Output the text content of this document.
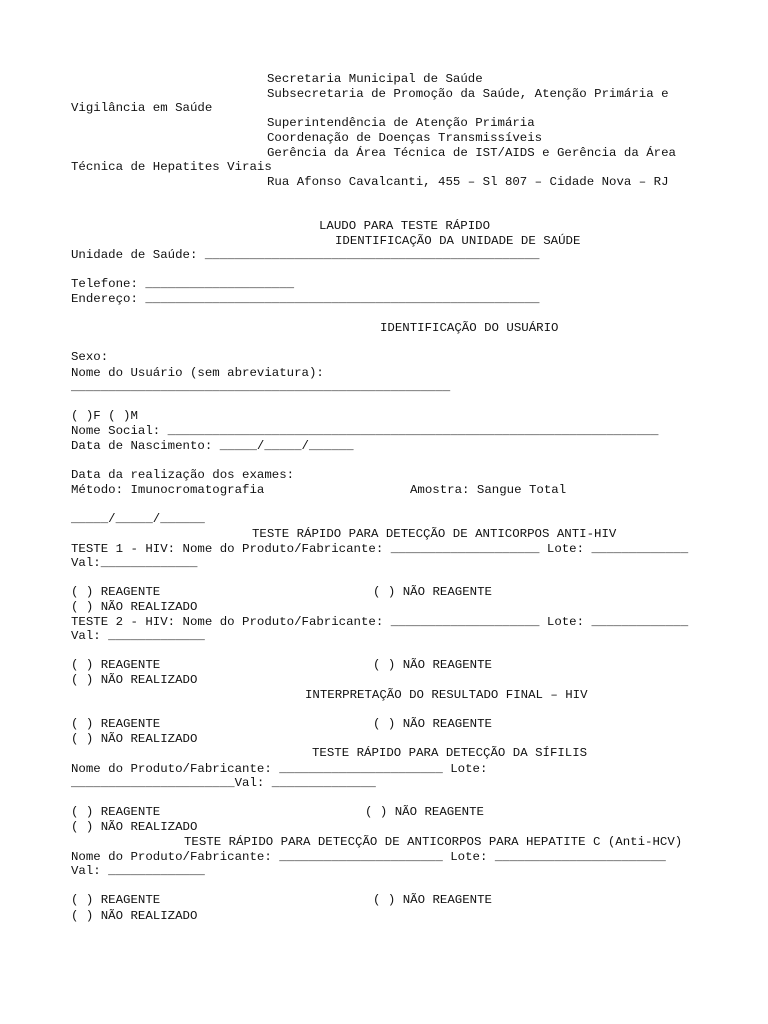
Secretaria Municipal de Saúde
Subsecretaria de Promoção da Saúde, Atenção Primária e
Vigilância em Saúde
Superintendência de Atenção Primária
Coordenação de Doenças Transmissíveis
Gerência da Área Técnica de IST/AIDS e Gerência da Área
Técnica de Hepatites Virais
Rua Afonso Cavalcanti, 455 – Sl 807 – Cidade Nova – RJ
LAUDO PARA TESTE RÁPIDO
IDENTIFICAÇÃO DA UNIDADE DE SAÚDE
Unidade de Saúde: _____________________________________________
Telefone: ____________________
Endereço: _____________________________________________________
IDENTIFICAÇÃO DO USUÁRIO
Sexo:
Nome do Usuário (sem abreviatura):
___________________________________________________
( )F ( )M
Nome Social: __________________________________________________________________
Data de Nascimento: _____/_____/______
Data da realização dos exames:
Método: Imunocromatografia	Amostra: Sangue Total
_____/_____/______
TESTE RÁPIDO PARA DETECÇÃO DE ANTICORPOS ANTI-HIV
TESTE 1 - HIV: Nome do Produto/Fabricante: ____________________ Lote: _____________
Val:_____________
( ) REAGENTE	( ) NÃO REAGENTE
( ) NÃO REALIZADO
TESTE 2 - HIV: Nome do Produto/Fabricante: ____________________ Lote: _____________
Val: _____________
( ) REAGENTE	( ) NÃO REAGENTE
( ) NÃO REALIZADO
INTERPRETAÇÃO DO RESULTADO FINAL – HIV
( ) REAGENTE	( ) NÃO REAGENTE
( ) NÃO REALIZADO
TESTE RÁPIDO PARA DETECÇÃO DA SÍFILIS
Nome do Produto/Fabricante: ______________________ Lote:
______________________Val: ______________
( ) REAGENTE	( ) NÃO REAGENTE
( ) NÃO REALIZADO
TESTE RÁPIDO PARA DETECÇÃO DE ANTICORPOS PARA HEPATITE C (Anti-HCV)
Nome do Produto/Fabricante: ______________________ Lote: _______________________
Val: _____________
( ) REAGENTE	( ) NÃO REAGENTE
( ) NÃO REALIZADO
